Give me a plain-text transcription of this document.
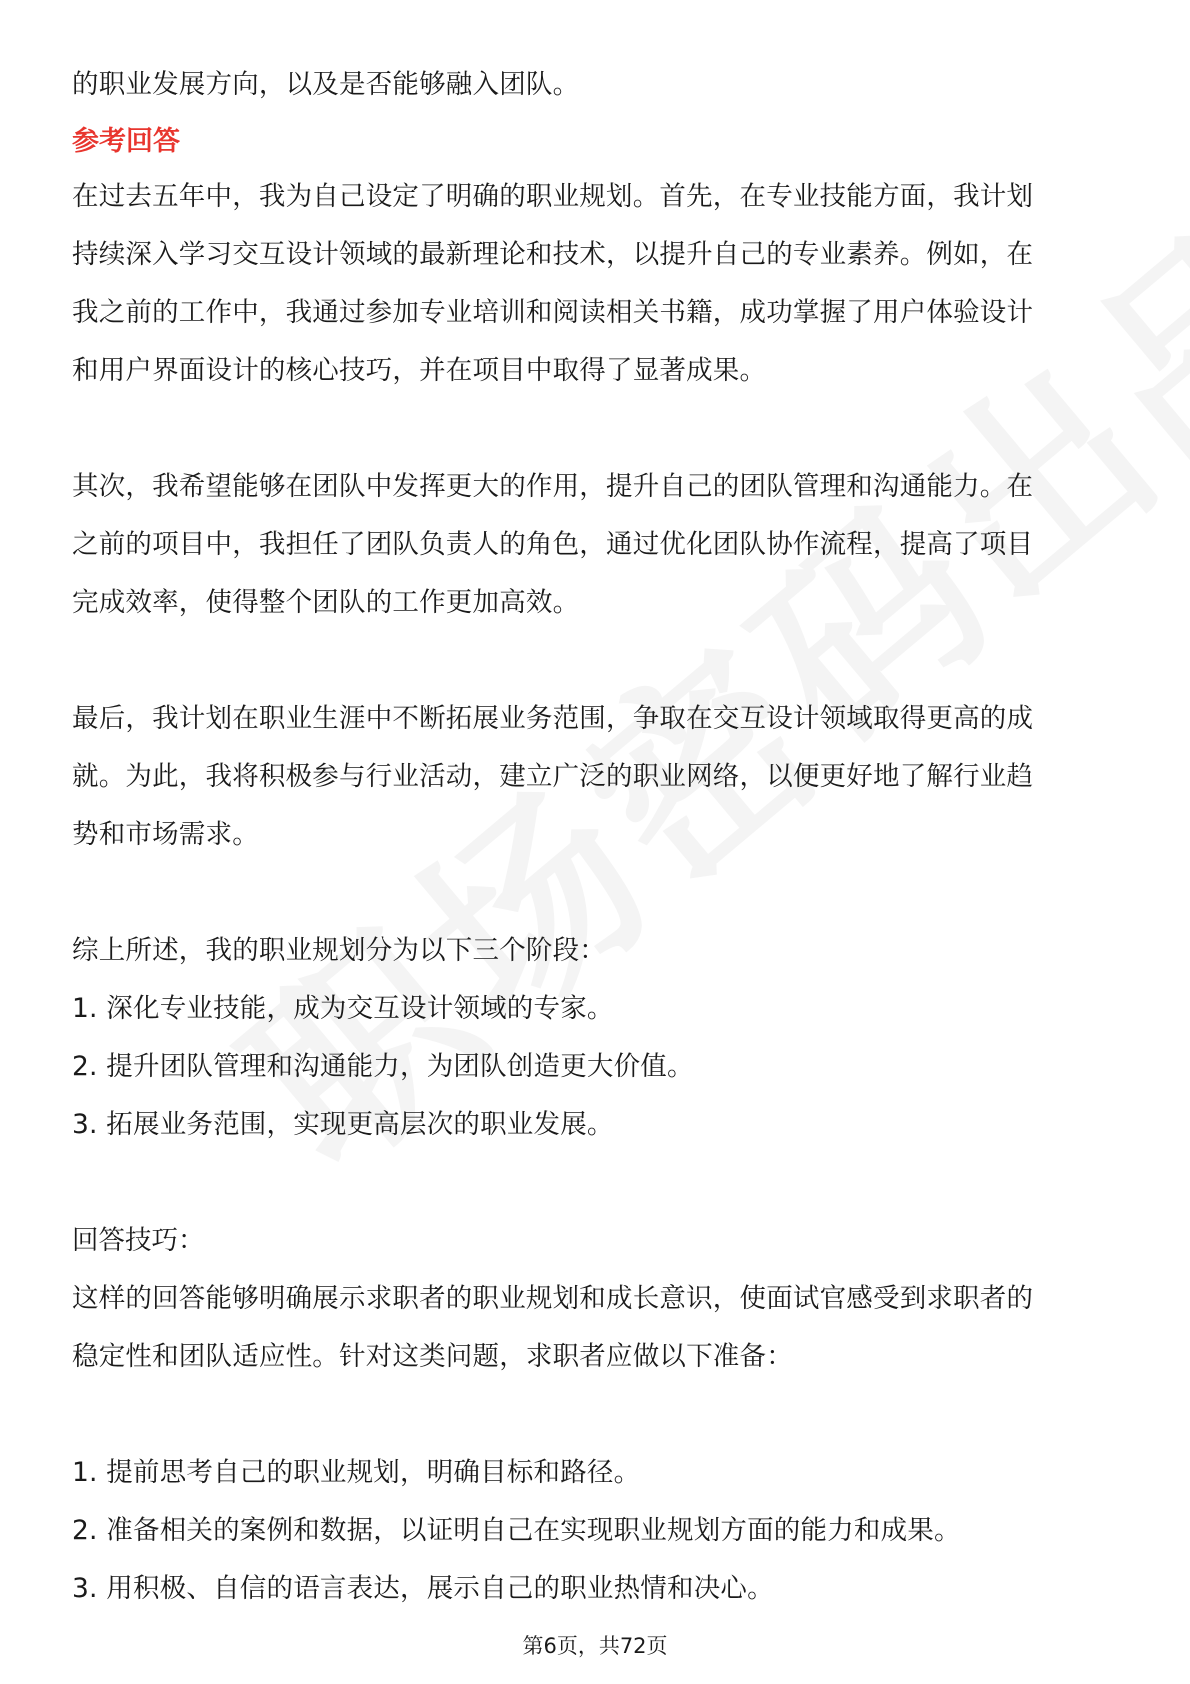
的职业发展方向，以及是否能够融入团队。
参考回答
在过去五年中，我为自己设定了明确的职业规划。首先，在专业技能方面，我计划
持续深入学习交互设计领域的最新理论和技术，以提升自己的专业素养。例如，在
我之前的工作中，我通过参加专业培训和阅读相关书籍，成功掌握了用户体验设计
和用户界面设计的核心技巧，并在项目中取得了显著成果。
其次，我希望能够在团队中发挥更大的作用，提升自己的团队管理和沟通能力。在
之前的项目中，我担任了团队负责人的角色，通过优化团队协作流程，提高了项目
完成效率，使得整个团队的工作更加高效。
最后，我计划在职业生涯中不断拓展业务范围，争取在交互设计领域取得更高的成
就。为此，我将积极参与行业活动，建立广泛的职业网络，以便更好地了解行业趋
势和市场需求。
综上所述，我的职业规划分为以下三个阶段：
1. 深化专业技能，成为交互设计领域的专家。
2. 提升团队管理和沟通能力，为团队创造更大价值。
3. 拓展业务范围，实现更高层次的职业发展。
回答技巧：
这样的回答能够明确展示求职者的职业规划和成长意识，使面试官感受到求职者的
稳定性和团队适应性。针对这类问题，求职者应做以下准备：
1. 提前思考自己的职业规划，明确目标和路径。
2. 准备相关的案例和数据，以证明自己在实现职业规划方面的能力和成果。
3. 用积极、自信的语言表达，展示自己的职业热情和决心。
第6页，共72页
